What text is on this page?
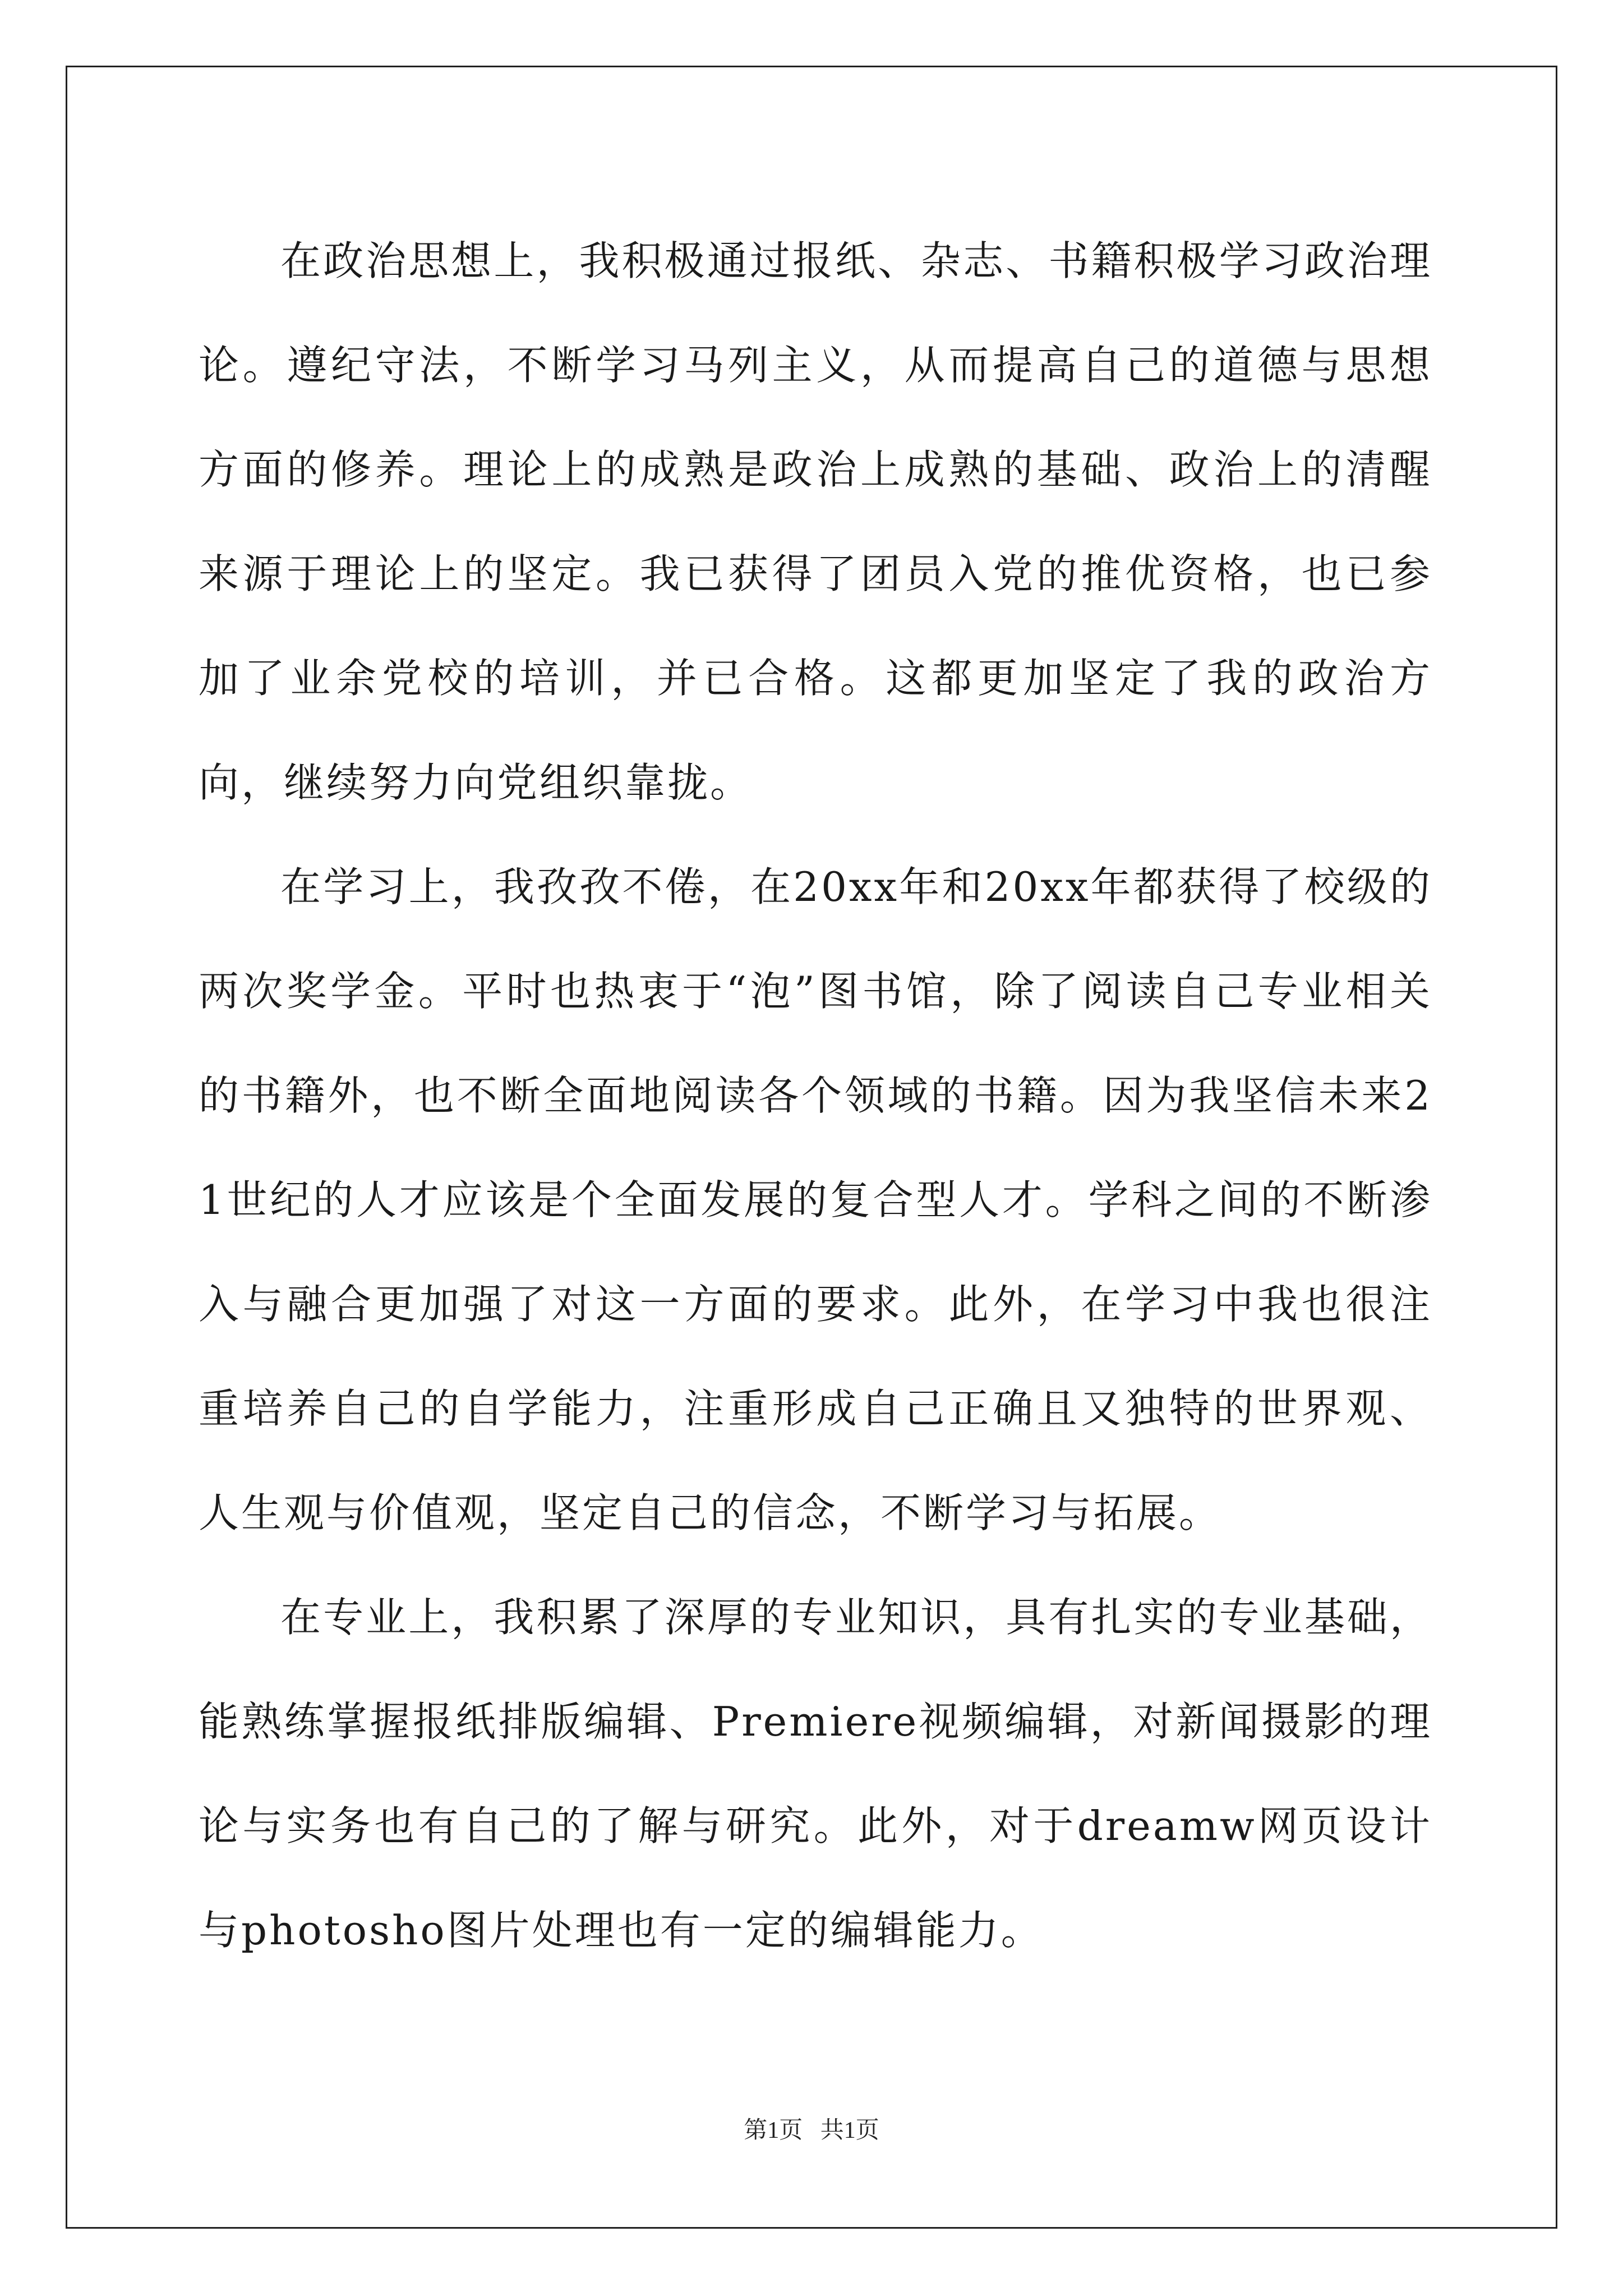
在政治思想上，我积极通过报纸、杂志、书籍积极学习政治理论。遵纪守法，不断学习马列主义，从而提高自己的道德与思想方面的修养。理论上的成熟是政治上成熟的基础、政治上的清醒来源于理论上的坚定。我已获得了团员入党的推优资格，也已参加了业余党校的培训，并已合格。这都更加坚定了我的政治方向，继续努力向党组织靠拢。

在学习上，我孜孜不倦，在20xx年和20xx年都获得了校级的两次奖学金。平时也热衷于“泡”图书馆，除了阅读自己专业相关的书籍外，也不断全面地阅读各个领域的书籍。因为我坚信未来21世纪的人才应该是个全面发展的复合型人才。学科之间的不断渗入与融合更加强了对这一方面的要求。此外，在学习中我也很注重培养自己的自学能力，注重形成自己正确且又独特的世界观、人生观与价值观，坚定自己的信念，不断学习与拓展。

在专业上，我积累了深厚的专业知识，具有扎实的专业基础，能熟练掌握报纸排版编辑、Premiere视频编辑，对新闻摄影的理论与实务也有自己的了解与研究。此外，对于dreamw网页设计与photosho图片处理也有一定的编辑能力。

第1页 共1页
